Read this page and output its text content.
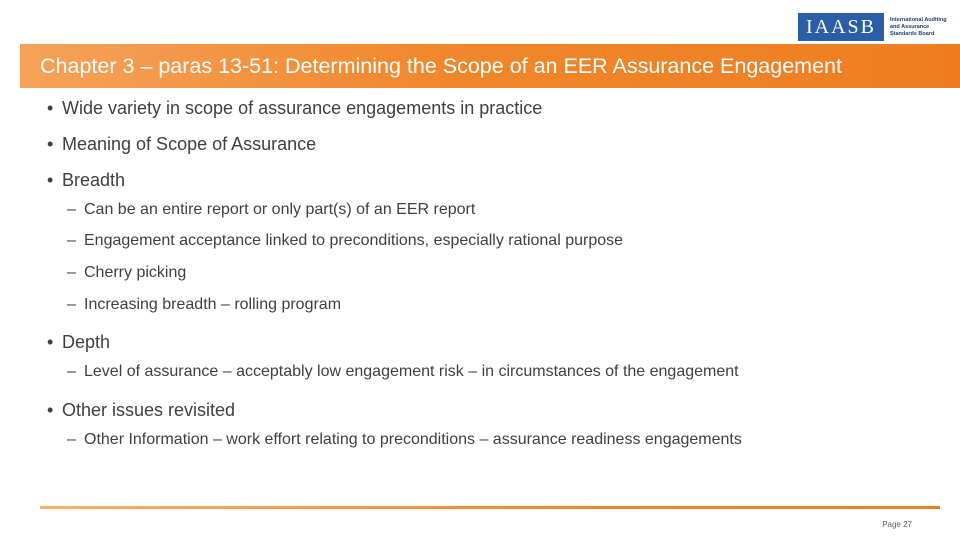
IAASB	International Auditing
and Assurance
Standards Board
Chapter 3 – paras 13-51: Determining the Scope of an EER Assurance Engagement
• Wide variety in scope of assurance engagements in practice
• Meaning of Scope of Assurance
• Breadth
– Can be an entire report or only part(s) of an EER report
– Engagement acceptance linked to preconditions, especially rational purpose
– Cherry picking
– Increasing breadth – rolling program
• Depth
– Level of assurance – acceptably low engagement risk – in circumstances of the engagement
• Other issues revisited
– Other Information – work effort relating to preconditions – assurance readiness engagements
Page 27
